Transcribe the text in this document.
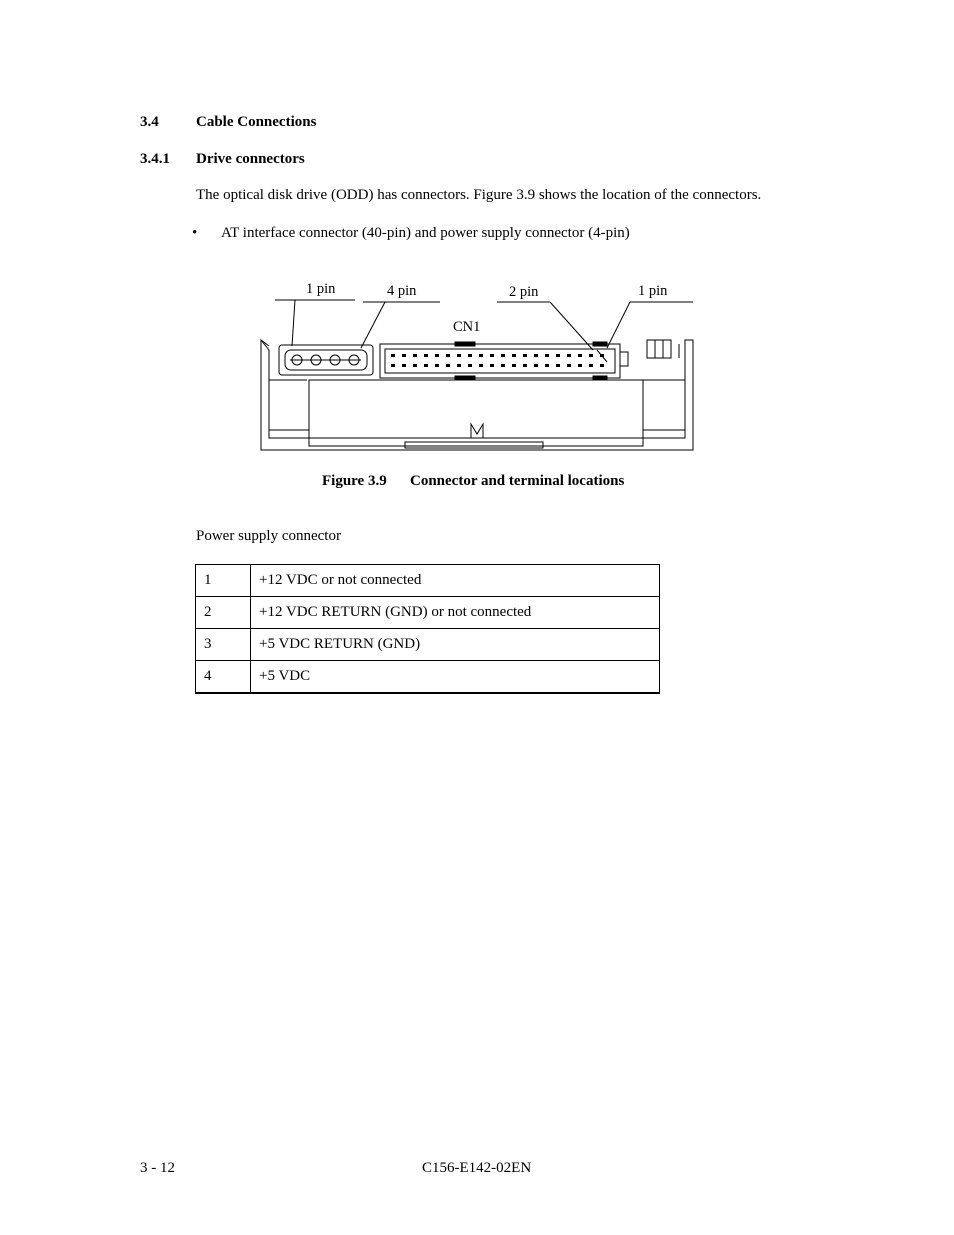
3.4 Cable Connections
3.4.1 Drive connectors
The optical disk drive (ODD) has connectors. Figure 3.9 shows the location of the connectors.
• AT interface connector (40-pin) and power supply connector (4-pin)
1 pin	4 pin	2 pin	1 pin
CN1
Figure 3.9 Connector and terminal locations
Power supply connector
1	+12 VDC or not connected
2	+12 VDC RETURN (GND) or not connected
3	+5 VDC RETURN (GND)
4	+5 VDC
3 - 12	C156-E142-02EN
